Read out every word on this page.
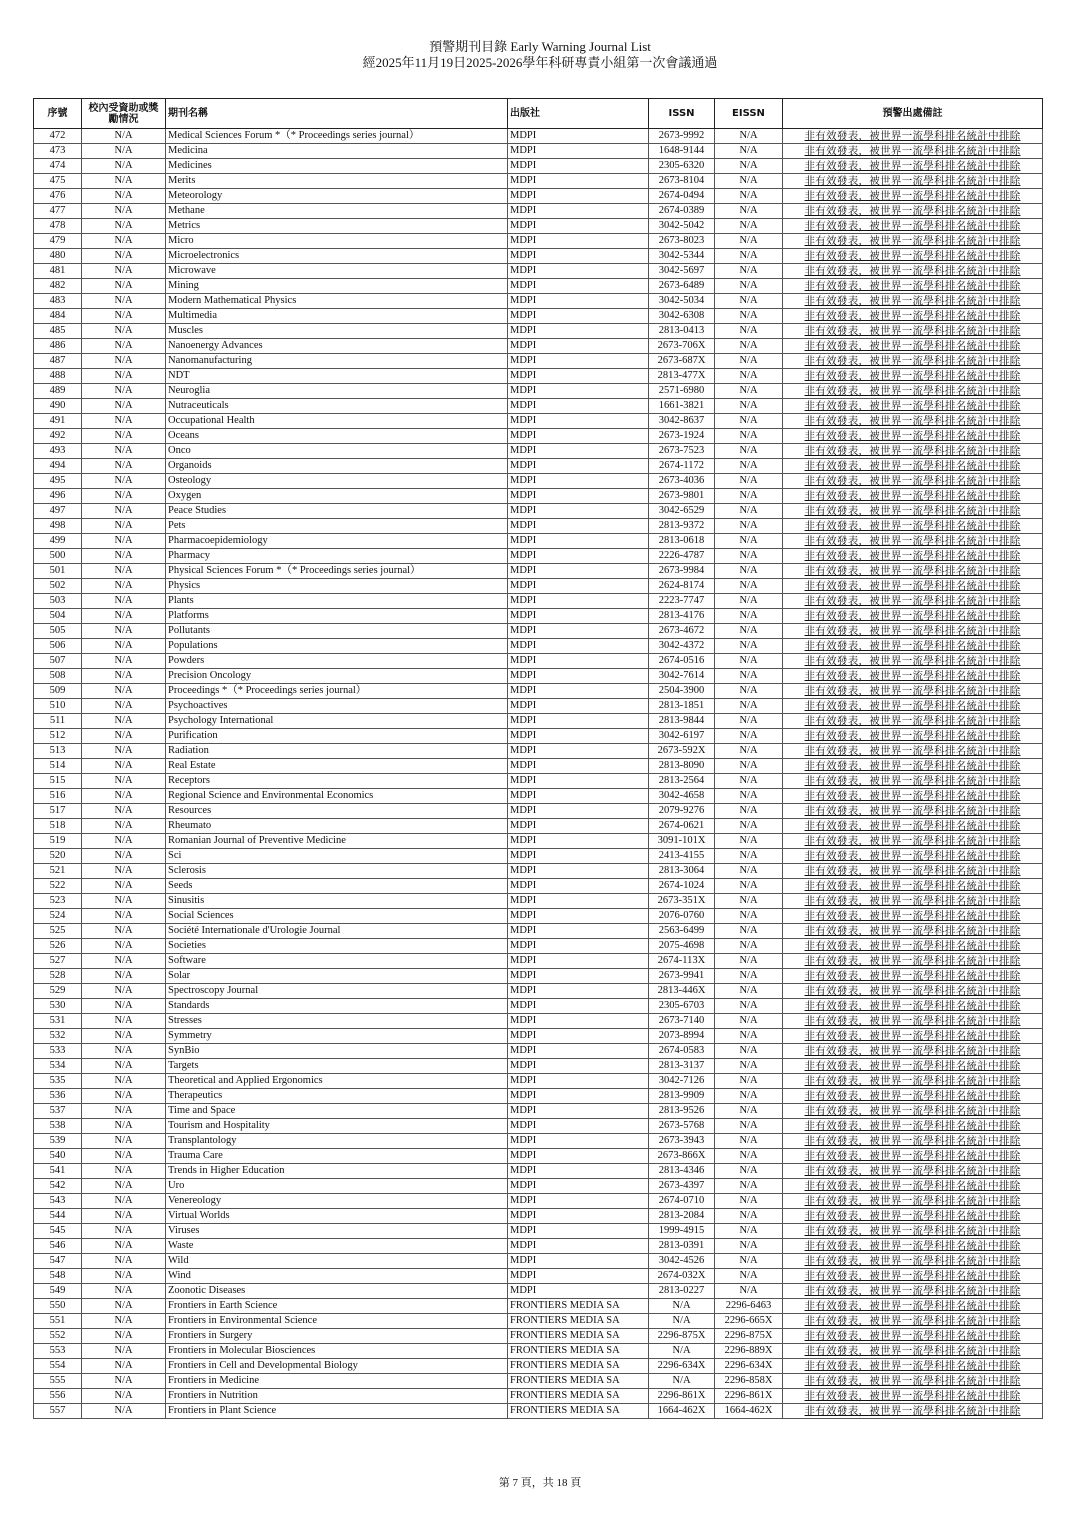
預警期刊目錄 Early Warning Journal List
經2025年11月19日2025-2026學年科研專責小組第一次會議通過
序號	校內受資助或獎勵情況	期刊名稱	出版社	ISSN	EISSN	預警出處備註
472	N/A	Medical Sciences Forum *（* Proceedings series journal）	MDPI	2673-9992	N/A	非有效發表，被世界一流學科排名統計中排除
473	N/A	Medicina	MDPI	1648-9144	N/A	非有效發表，被世界一流學科排名統計中排除
474	N/A	Medicines	MDPI	2305-6320	N/A	非有效發表，被世界一流學科排名統計中排除
475	N/A	Merits	MDPI	2673-8104	N/A	非有效發表，被世界一流學科排名統計中排除
476	N/A	Meteorology	MDPI	2674-0494	N/A	非有效發表，被世界一流學科排名統計中排除
477	N/A	Methane	MDPI	2674-0389	N/A	非有效發表，被世界一流學科排名統計中排除
478	N/A	Metrics	MDPI	3042-5042	N/A	非有效發表，被世界一流學科排名統計中排除
479	N/A	Micro	MDPI	2673-8023	N/A	非有效發表，被世界一流學科排名統計中排除
480	N/A	Microelectronics	MDPI	3042-5344	N/A	非有效發表，被世界一流學科排名統計中排除
481	N/A	Microwave	MDPI	3042-5697	N/A	非有效發表，被世界一流學科排名統計中排除
482	N/A	Mining	MDPI	2673-6489	N/A	非有效發表，被世界一流學科排名統計中排除
483	N/A	Modern Mathematical Physics	MDPI	3042-5034	N/A	非有效發表，被世界一流學科排名統計中排除
484	N/A	Multimedia	MDPI	3042-6308	N/A	非有效發表，被世界一流學科排名統計中排除
485	N/A	Muscles	MDPI	2813-0413	N/A	非有效發表，被世界一流學科排名統計中排除
486	N/A	Nanoenergy Advances	MDPI	2673-706X	N/A	非有效發表，被世界一流學科排名統計中排除
487	N/A	Nanomanufacturing	MDPI	2673-687X	N/A	非有效發表，被世界一流學科排名統計中排除
488	N/A	NDT	MDPI	2813-477X	N/A	非有效發表，被世界一流學科排名統計中排除
489	N/A	Neuroglia	MDPI	2571-6980	N/A	非有效發表，被世界一流學科排名統計中排除
490	N/A	Nutraceuticals	MDPI	1661-3821	N/A	非有效發表，被世界一流學科排名統計中排除
491	N/A	Occupational Health	MDPI	3042-8637	N/A	非有效發表，被世界一流學科排名統計中排除
492	N/A	Oceans	MDPI	2673-1924	N/A	非有效發表，被世界一流學科排名統計中排除
493	N/A	Onco	MDPI	2673-7523	N/A	非有效發表，被世界一流學科排名統計中排除
494	N/A	Organoids	MDPI	2674-1172	N/A	非有效發表，被世界一流學科排名統計中排除
495	N/A	Osteology	MDPI	2673-4036	N/A	非有效發表，被世界一流學科排名統計中排除
496	N/A	Oxygen	MDPI	2673-9801	N/A	非有效發表，被世界一流學科排名統計中排除
497	N/A	Peace Studies	MDPI	3042-6529	N/A	非有效發表，被世界一流學科排名統計中排除
498	N/A	Pets	MDPI	2813-9372	N/A	非有效發表，被世界一流學科排名統計中排除
499	N/A	Pharmacoepidemiology	MDPI	2813-0618	N/A	非有效發表，被世界一流學科排名統計中排除
500	N/A	Pharmacy	MDPI	2226-4787	N/A	非有效發表，被世界一流學科排名統計中排除
501	N/A	Physical Sciences Forum *（* Proceedings series journal）	MDPI	2673-9984	N/A	非有效發表，被世界一流學科排名統計中排除
502	N/A	Physics	MDPI	2624-8174	N/A	非有效發表，被世界一流學科排名統計中排除
503	N/A	Plants	MDPI	2223-7747	N/A	非有效發表，被世界一流學科排名統計中排除
504	N/A	Platforms	MDPI	2813-4176	N/A	非有效發表，被世界一流學科排名統計中排除
505	N/A	Pollutants	MDPI	2673-4672	N/A	非有效發表，被世界一流學科排名統計中排除
506	N/A	Populations	MDPI	3042-4372	N/A	非有效發表，被世界一流學科排名統計中排除
507	N/A	Powders	MDPI	2674-0516	N/A	非有效發表，被世界一流學科排名統計中排除
508	N/A	Precision Oncology	MDPI	3042-7614	N/A	非有效發表，被世界一流學科排名統計中排除
509	N/A	Proceedings *（* Proceedings series journal）	MDPI	2504-3900	N/A	非有效發表，被世界一流學科排名統計中排除
510	N/A	Psychoactives	MDPI	2813-1851	N/A	非有效發表，被世界一流學科排名統計中排除
511	N/A	Psychology International	MDPI	2813-9844	N/A	非有效發表，被世界一流學科排名統計中排除
512	N/A	Purification	MDPI	3042-6197	N/A	非有效發表，被世界一流學科排名統計中排除
513	N/A	Radiation	MDPI	2673-592X	N/A	非有效發表，被世界一流學科排名統計中排除
514	N/A	Real Estate	MDPI	2813-8090	N/A	非有效發表，被世界一流學科排名統計中排除
515	N/A	Receptors	MDPI	2813-2564	N/A	非有效發表，被世界一流學科排名統計中排除
516	N/A	Regional Science and Environmental Economics	MDPI	3042-4658	N/A	非有效發表，被世界一流學科排名統計中排除
517	N/A	Resources	MDPI	2079-9276	N/A	非有效發表，被世界一流學科排名統計中排除
518	N/A	Rheumato	MDPI	2674-0621	N/A	非有效發表，被世界一流學科排名統計中排除
519	N/A	Romanian Journal of Preventive Medicine	MDPI	3091-101X	N/A	非有效發表，被世界一流學科排名統計中排除
520	N/A	Sci	MDPI	2413-4155	N/A	非有效發表，被世界一流學科排名統計中排除
521	N/A	Sclerosis	MDPI	2813-3064	N/A	非有效發表，被世界一流學科排名統計中排除
522	N/A	Seeds	MDPI	2674-1024	N/A	非有效發表，被世界一流學科排名統計中排除
523	N/A	Sinusitis	MDPI	2673-351X	N/A	非有效發表，被世界一流學科排名統計中排除
524	N/A	Social Sciences	MDPI	2076-0760	N/A	非有效發表，被世界一流學科排名統計中排除
525	N/A	Société Internationale d'Urologie Journal	MDPI	2563-6499	N/A	非有效發表，被世界一流學科排名統計中排除
526	N/A	Societies	MDPI	2075-4698	N/A	非有效發表，被世界一流學科排名統計中排除
527	N/A	Software	MDPI	2674-113X	N/A	非有效發表，被世界一流學科排名統計中排除
528	N/A	Solar	MDPI	2673-9941	N/A	非有效發表，被世界一流學科排名統計中排除
529	N/A	Spectroscopy Journal	MDPI	2813-446X	N/A	非有效發表，被世界一流學科排名統計中排除
530	N/A	Standards	MDPI	2305-6703	N/A	非有效發表，被世界一流學科排名統計中排除
531	N/A	Stresses	MDPI	2673-7140	N/A	非有效發表，被世界一流學科排名統計中排除
532	N/A	Symmetry	MDPI	2073-8994	N/A	非有效發表，被世界一流學科排名統計中排除
533	N/A	SynBio	MDPI	2674-0583	N/A	非有效發表，被世界一流學科排名統計中排除
534	N/A	Targets	MDPI	2813-3137	N/A	非有效發表，被世界一流學科排名統計中排除
535	N/A	Theoretical and Applied Ergonomics	MDPI	3042-7126	N/A	非有效發表，被世界一流學科排名統計中排除
536	N/A	Therapeutics	MDPI	2813-9909	N/A	非有效發表，被世界一流學科排名統計中排除
537	N/A	Time and Space	MDPI	2813-9526	N/A	非有效發表，被世界一流學科排名統計中排除
538	N/A	Tourism and Hospitality	MDPI	2673-5768	N/A	非有效發表，被世界一流學科排名統計中排除
539	N/A	Transplantology	MDPI	2673-3943	N/A	非有效發表，被世界一流學科排名統計中排除
540	N/A	Trauma Care	MDPI	2673-866X	N/A	非有效發表，被世界一流學科排名統計中排除
541	N/A	Trends in Higher Education	MDPI	2813-4346	N/A	非有效發表，被世界一流學科排名統計中排除
542	N/A	Uro	MDPI	2673-4397	N/A	非有效發表，被世界一流學科排名統計中排除
543	N/A	Venereology	MDPI	2674-0710	N/A	非有效發表，被世界一流學科排名統計中排除
544	N/A	Virtual Worlds	MDPI	2813-2084	N/A	非有效發表，被世界一流學科排名統計中排除
545	N/A	Viruses	MDPI	1999-4915	N/A	非有效發表，被世界一流學科排名統計中排除
546	N/A	Waste	MDPI	2813-0391	N/A	非有效發表，被世界一流學科排名統計中排除
547	N/A	Wild	MDPI	3042-4526	N/A	非有效發表，被世界一流學科排名統計中排除
548	N/A	Wind	MDPI	2674-032X	N/A	非有效發表，被世界一流學科排名統計中排除
549	N/A	Zoonotic Diseases	MDPI	2813-0227	N/A	非有效發表，被世界一流學科排名統計中排除
550	N/A	Frontiers in Earth Science	FRONTIERS MEDIA SA	N/A	2296-6463	非有效發表，被世界一流學科排名統計中排除
551	N/A	Frontiers in Environmental Science	FRONTIERS MEDIA SA	N/A	2296-665X	非有效發表，被世界一流學科排名統計中排除
552	N/A	Frontiers in Surgery	FRONTIERS MEDIA SA	2296-875X	2296-875X	非有效發表，被世界一流學科排名統計中排除
553	N/A	Frontiers in Molecular Biosciences	FRONTIERS MEDIA SA	N/A	2296-889X	非有效發表，被世界一流學科排名統計中排除
554	N/A	Frontiers in Cell and Developmental Biology	FRONTIERS MEDIA SA	2296-634X	2296-634X	非有效發表，被世界一流學科排名統計中排除
555	N/A	Frontiers in Medicine	FRONTIERS MEDIA SA	N/A	2296-858X	非有效發表，被世界一流學科排名統計中排除
556	N/A	Frontiers in Nutrition	FRONTIERS MEDIA SA	2296-861X	2296-861X	非有效發表，被世界一流學科排名統計中排除
557	N/A	Frontiers in Plant Science	FRONTIERS MEDIA SA	1664-462X	1664-462X	非有效發表，被世界一流學科排名統計中排除
第 7 頁，共 18 頁
